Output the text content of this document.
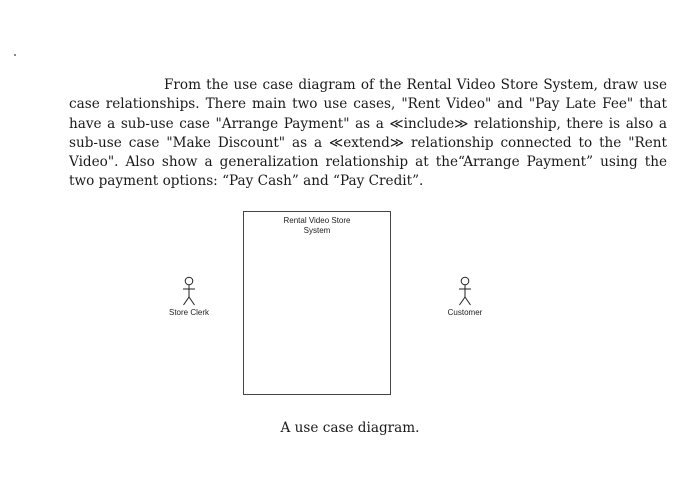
From the use case diagram of the Rental Video Store System, draw use case relationships. There main two use cases, "Rent Video" and "Pay Late Fee" that have a sub-use case "Arrange Payment" as a ≪include≫ relationship, there is also a sub-use case "Make Discount" as a ≪extend≫ relationship connected to the "Rent Video". Also show a generalization relationship at the“Arrange Payment” using the two payment options: “Pay Cash” and “Pay Credit”.

Rental Video Store
System
Store Clerk	Customer
A use case diagram.
